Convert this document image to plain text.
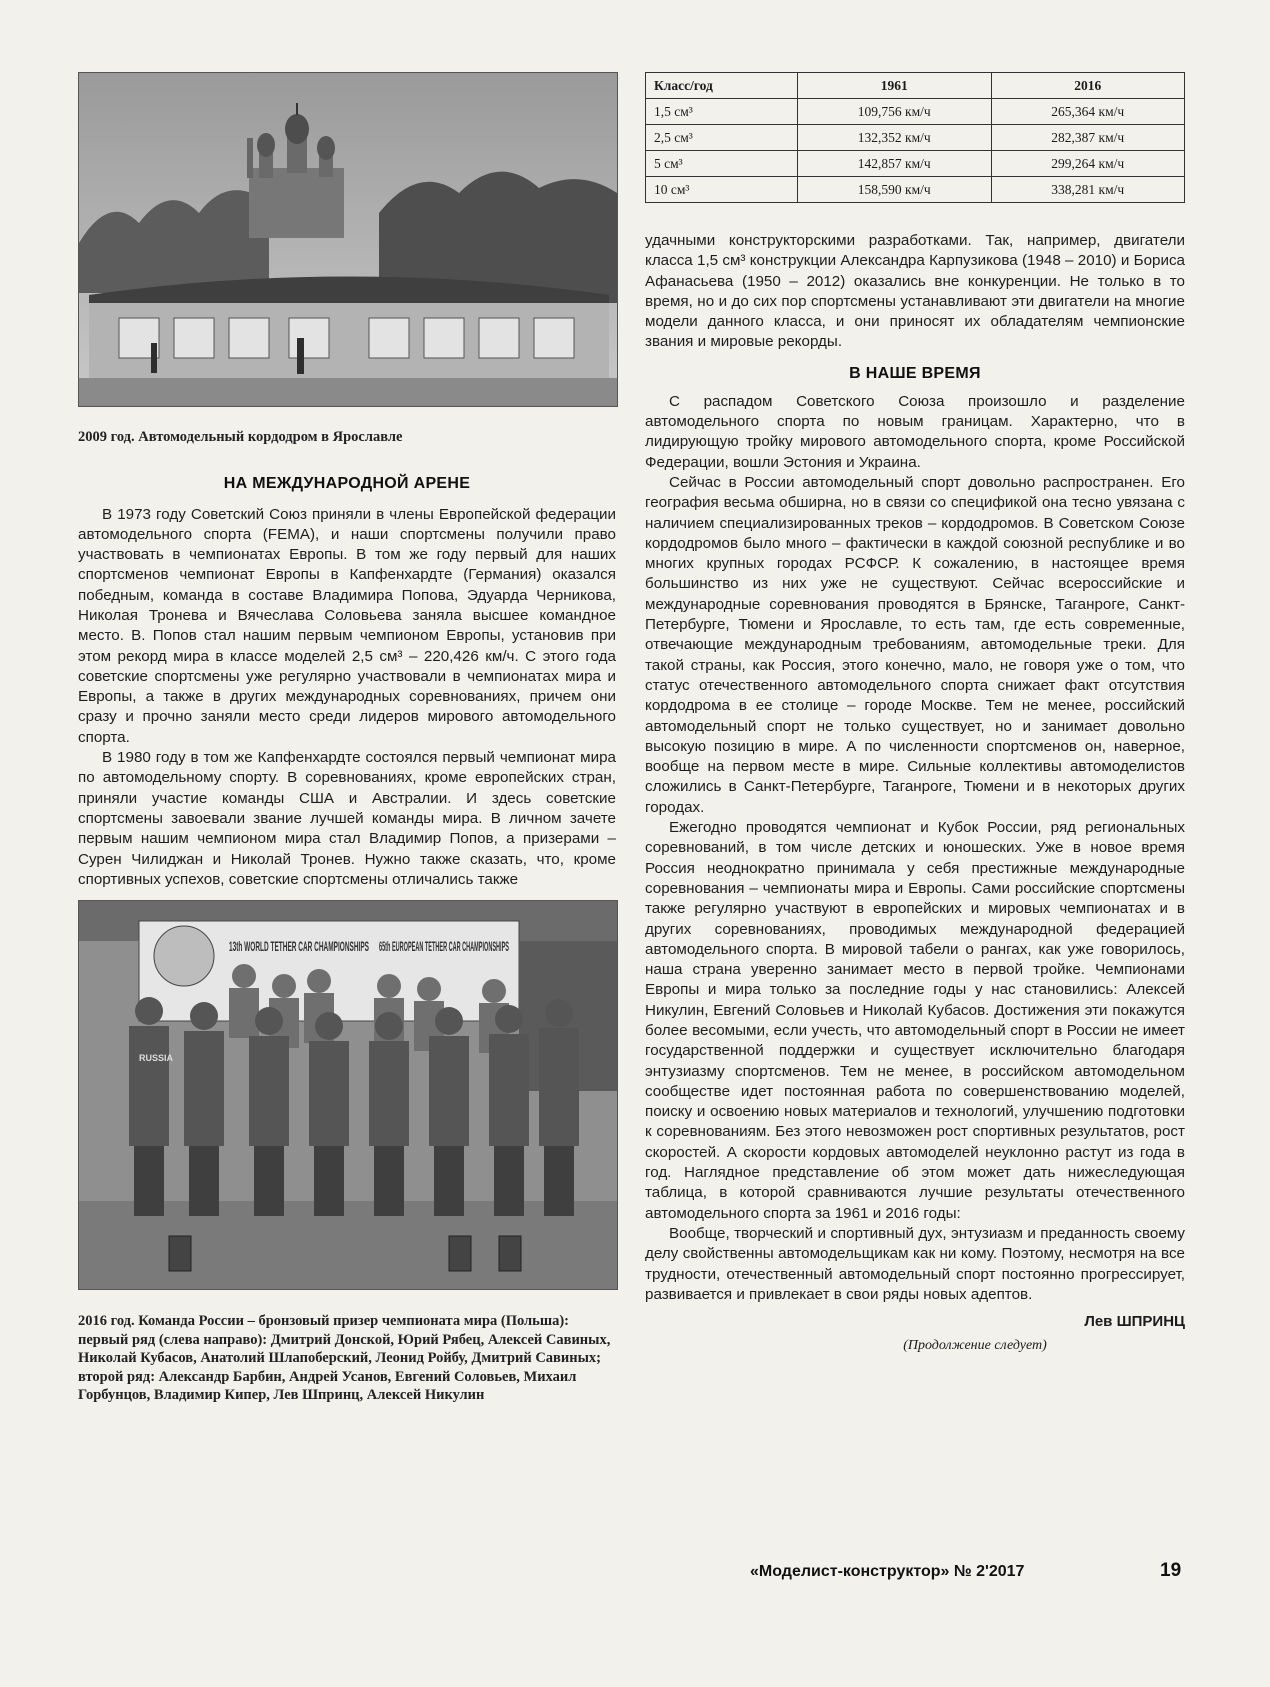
2009 год. Автомодельный кордодром в Ярославле
НА МЕЖДУНАРОДНОЙ АРЕНЕ

В 1973 году Советский Союз приняли в члены Европейской федерации автомодельного спорта (FEMA), и наши спортсмены получили право участвовать в чемпионатах Европы. В том же году первый для наших спортсменов чемпионат Европы в Капфенхардте (Германия) оказался победным, команда в составе Владимира Попова, Эдуарда Черникова, Николая Тронева и Вячеслава Соловьева заняла высшее командное место. В. Попов стал нашим первым чемпионом Европы, установив при этом рекорд мира в классе моделей 2,5 см³ – 220,426 км/ч. С этого года советские спортсмены уже регулярно участвовали в чемпионатах мира и Европы, а также в других международных соревнованиях, причем они сразу и прочно заняли место среди лидеров мирового автомодельного спорта.

В 1980 году в том же Капфенхардте состоялся первый чемпионат мира по автомодельному спорту. В соревнованиях, кроме европейских стран, приняли участие команды США и Австралии. И здесь советские спортсмены завоевали звание лучшей команды мира. В личном зачете первым нашим чемпионом мира стал Владимир Попов, а призерами – Сурен Чилиджан и Николай Тронев. Нужно также сказать, что, кроме спортивных успехов, советские спортсмены отличались также

13th WORLD TETHER CAR CHAMPIONSHIPS 65th EUROPEAN TETHER CAR CHAMPIONSHIPS
RUSSIA
2016 год. Команда России – бронзовый призер чемпионата мира (Польша): первый ряд (слева направо): Дмитрий Донской, Юрий Рябец, Алексей Савиных, Николай Кубасов, Анатолий Шлапоберский, Леонид Ройбу, Дмитрий Савиных; второй ряд: Александр Барбин, Андрей Усанов, Евгений Соловьев, Михаил Горбунцов, Владимир Кипер, Лев Шпринц, Алексей Никулин
Класс/год	1961	2016
1,5 см³	109,756 км/ч	265,364 км/ч
2,5 см³	132,352 км/ч	282,387 км/ч
5 см³	142,857 км/ч	299,264 км/ч
10 см³	158,590 км/ч	338,281 км/ч

удачными конструкторскими разработками. Так, например, двигатели класса 1,5 см³ конструкции Александра Карпузикова (1948 – 2010) и Бориса Афанасьева (1950 – 2012) оказались вне конкуренции. Не только в то время, но и до сих пор спортсмены устанавливают эти двигатели на многие модели данного класса, и они приносят их обладателям чемпионские звания и мировые рекорды.

В НАШЕ ВРЕМЯ

С распадом Советского Союза произошло и разделение автомодельного спорта по новым границам. Характерно, что в лидирующую тройку мирового автомодельного спорта, кроме Российской Федерации, вошли Эстония и Украина.

Сейчас в России автомодельный спорт довольно распространен. Его география весьма обширна, но в связи со спецификой она тесно увязана с наличием специализированных треков – кордодромов. В Советском Союзе кордодромов было много – фактически в каждой союзной республике и во многих крупных городах РСФСР. К сожалению, в настоящее время большинство из них уже не существуют. Сейчас всероссийские и международные соревнования проводятся в Брянске, Таганроге, Санкт-Петербурге, Тюмени и Ярославле, то есть там, где есть современные, отвечающие международным требованиям, автомодельные треки. Для такой страны, как Россия, этого конечно, мало, не говоря уже о том, что статус отечественного автомодельного спорта снижает факт отсутствия кордодрома в ее столице – городе Москве. Тем не менее, российский автомодельный спорт не только существует, но и занимает довольно высокую позицию в мире. А по численности спортсменов он, наверное, вообще на первом месте в мире. Сильные коллективы автомоделистов сложились в Санкт-Петербурге, Таганроге, Тюмени и в некоторых других городах.

Ежегодно проводятся чемпионат и Кубок России, ряд региональных соревнований, в том числе детских и юношеских. Уже в новое время Россия неоднократно принимала у себя престижные международные соревнования – чемпионаты мира и Европы. Сами российские спортсмены также регулярно участвуют в европейских и мировых чемпионатах и в других соревнованиях, проводимых международной федерацией автомодельного спорта. В мировой табели о рангах, как уже говорилось, наша страна уверенно занимает место в первой тройке. Чемпионами Европы и мира только за последние годы у нас становились: Алексей Никулин, Евгений Соловьев и Николай Кубасов. Достижения эти покажутся более весомыми, если учесть, что автомодельный спорт в России не имеет государственной поддержки и существует исключительно благодаря энтузиазму спортсменов. Тем не менее, в российском автомодельном сообществе идет постоянная работа по совершенствованию моделей, поиску и освоению новых материалов и технологий, улучшению подготовки к соревнованиям. Без этого невозможен рост спортивных результатов, рост скоростей. А скорости кордовых автомоделей неуклонно растут из года в год. Наглядное представление об этом может дать нижеследующая таблица, в которой сравниваются лучшие результаты отечественного автомодельного спорта за 1961 и 2016 годы:

Вообще, творческий и спортивный дух, энтузиазм и преданность своему делу свойственны автомодельщикам как ни кому. Поэтому, несмотря на все трудности, отечественный автомодельный спорт постоянно прогрессирует, развивается и привлекает в свои ряды новых адептов.

Лев ШПРИНЦ
(Продолжение следует)
«Моделист-конструктор» № 2'2017	19
